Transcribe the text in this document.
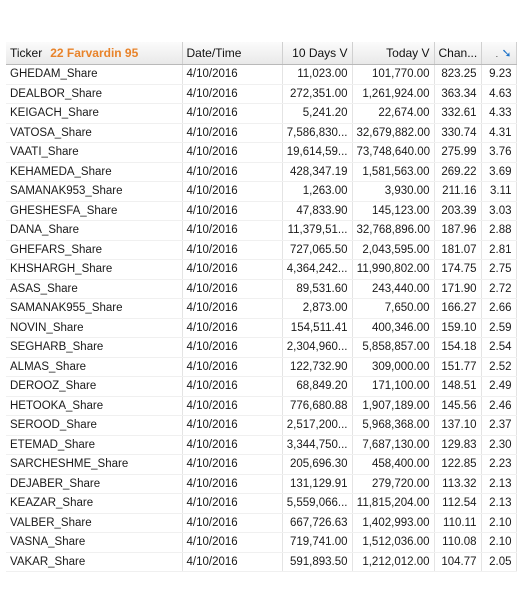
Ticker 22 Farvardin 95	Date/Time	10 Days V	Today V	Chan...	. ➘
GHEDAM_Share	4/10/2016	11,023.00	101,770.00	823.25	9.23
DEALBOR_Share	4/10/2016	272,351.00	1,261,924.00	363.34	4.63
KEIGACH_Share	4/10/2016	5,241.20	22,674.00	332.61	4.33
VATOSA_Share	4/10/2016	7,586,830...	32,679,882.00	330.74	4.31
VAATI_Share	4/10/2016	19,614,59...	73,748,640.00	275.99	3.76
KEHAMEDA_Share	4/10/2016	428,347.19	1,581,563.00	269.22	3.69
SAMANAK953_Share	4/10/2016	1,263.00	3,930.00	211.16	3.11
GHESHESFA_Share	4/10/2016	47,833.90	145,123.00	203.39	3.03
DANA_Share	4/10/2016	11,379,51...	32,768,896.00	187.96	2.88
GHEFARS_Share	4/10/2016	727,065.50	2,043,595.00	181.07	2.81
KHSHARGH_Share	4/10/2016	4,364,242...	11,990,802.00	174.75	2.75
ASAS_Share	4/10/2016	89,531.60	243,440.00	171.90	2.72
SAMANAK955_Share	4/10/2016	2,873.00	7,650.00	166.27	2.66
NOVIN_Share	4/10/2016	154,511.41	400,346.00	159.10	2.59
SEGHARB_Share	4/10/2016	2,304,960...	5,858,857.00	154.18	2.54
ALMAS_Share	4/10/2016	122,732.90	309,000.00	151.77	2.52
DEROOZ_Share	4/10/2016	68,849.20	171,100.00	148.51	2.49
HETOOKA_Share	4/10/2016	776,680.88	1,907,189.00	145.56	2.46
SEROOD_Share	4/10/2016	2,517,200...	5,968,368.00	137.10	2.37
ETEMAD_Share	4/10/2016	3,344,750...	7,687,130.00	129.83	2.30
SARCHESHME_Share	4/10/2016	205,696.30	458,400.00	122.85	2.23
DEJABER_Share	4/10/2016	131,129.91	279,720.00	113.32	2.13
KEAZAR_Share	4/10/2016	5,559,066...	11,815,204.00	112.54	2.13
VALBER_Share	4/10/2016	667,726.63	1,402,993.00	110.11	2.10
VASNA_Share	4/10/2016	719,741.00	1,512,036.00	110.08	2.10
VAKAR_Share	4/10/2016	591,893.50	1,212,012.00	104.77	2.05
